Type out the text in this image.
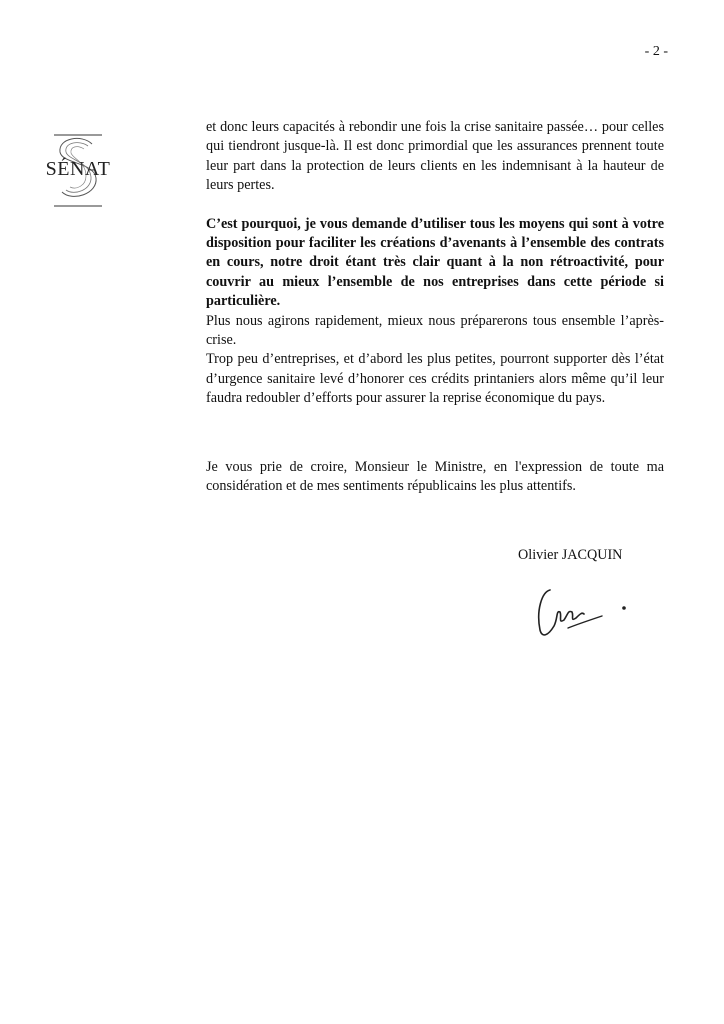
- 2 -
SÉNAT

et donc leurs capacités à rebondir une fois la crise sanitaire passée… pour celles qui tiendront jusque-là. Il est donc primordial que les assurances prennent toute leur part dans la protection de leurs clients en les indemnisant à la hauteur de leurs pertes.

C’est pourquoi, je vous demande d’utiliser tous les moyens qui sont à votre disposition pour faciliter les créations d’avenants à l’ensemble des contrats en cours, notre droit étant très clair quant à la non rétroactivité, pour couvrir au mieux l’ensemble de nos entreprises dans cette période si particulière.

Plus nous agirons rapidement, mieux nous préparerons tous ensemble l’après-crise.

Trop peu d’entreprises, et d’abord les plus petites, pourront supporter dès l’état d’urgence sanitaire levé d’honorer ces crédits printaniers alors même qu’il leur faudra redoubler d’efforts pour assurer la reprise économique du pays.

Je vous prie de croire, Monsieur le Ministre, en l'expression de toute ma considération et de mes sentiments républicains les plus attentifs.

Olivier JACQUIN
